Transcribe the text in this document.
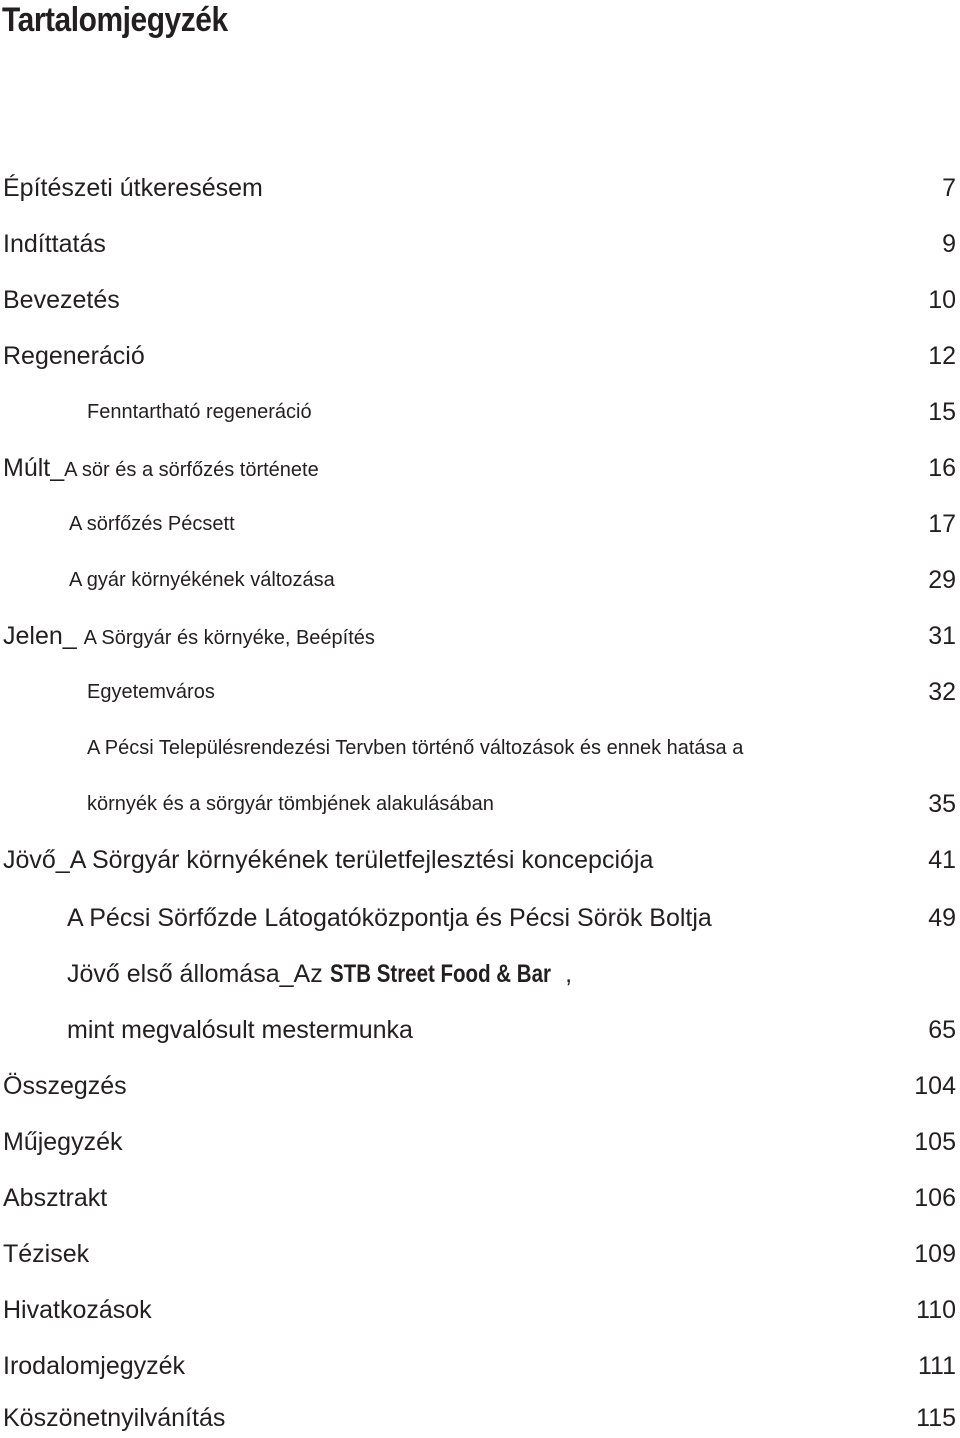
Tartalomjegyzék
Építészeti útkeresésem	7
Indíttatás	9
Bevezetés	10
Regeneráció	12
Fenntartható regeneráció	15
Múlt_A sör és a sörfőzés története	16
A sörfőzés Pécsett	17
A gyár környékének változása	29
Jelen_ A Sörgyár és környéke, Beépítés	31
Egyetemváros	32
A Pécsi Településrendezési Tervben történő változások és ennek hatása a
környék és a sörgyár tömbjének alakulásában	35
Jövő_A Sörgyár környékének területfejlesztési koncepciója	41
A Pécsi Sörfőzde Látogatóközpontja és Pécsi Sörök Boltja	49
Jövő első állomása_Az STB Street Food & Bar ,
mint megvalósult mestermunka	65
Összegzés	104
Műjegyzék	105
Absztrakt	106
Tézisek	109
Hivatkozások	110
Irodalomjegyzék	111
Köszönetnyilvánítás	115
